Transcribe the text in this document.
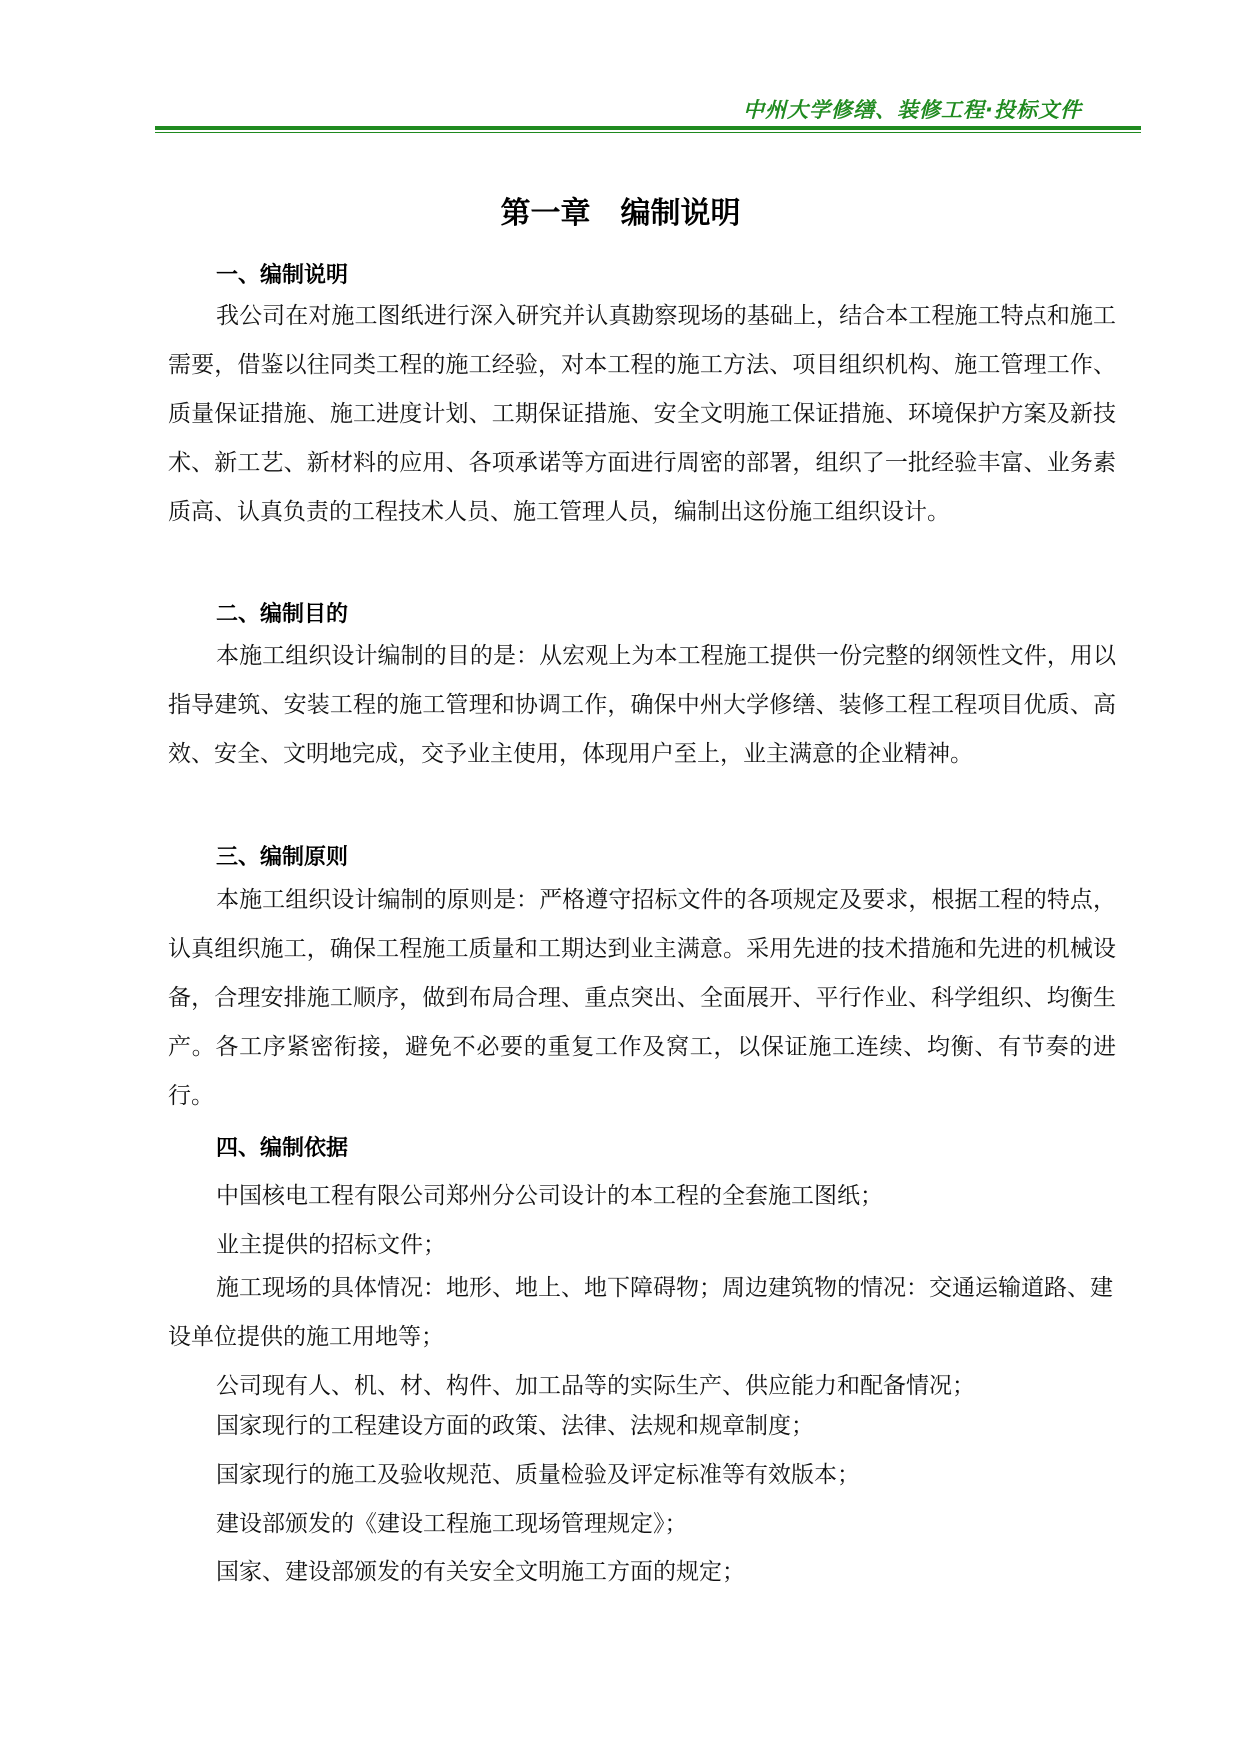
中州大学修缮、装修工程·投标文件
第一章　编制说明
一、编制说明

我公司在对施工图纸进行深入研究并认真勘察现场的基础上，结合本工程施工特点和施工需要，借鉴以往同类工程的施工经验，对本工程的施工方法、项目组织机构、施工管理工作、质量保证措施、施工进度计划、工期保证措施、安全文明施工保证措施、环境保护方案及新技术、新工艺、新材料的应用、各项承诺等方面进行周密的部署，组织了一批经验丰富、业务素质高、认真负责的工程技术人员、施工管理人员，编制出这份施工组织设计。

二、编制目的

本施工组织设计编制的目的是：从宏观上为本工程施工提供一份完整的纲领性文件，用以指导建筑、安装工程的施工管理和协调工作，确保中州大学修缮、装修工程工程项目优质、高效、安全、文明地完成，交予业主使用，体现用户至上，业主满意的企业精神。

三、编制原则

本施工组织设计编制的原则是：严格遵守招标文件的各项规定及要求，根据工程的特点，认真组织施工，确保工程施工质量和工期达到业主满意。采用先进的技术措施和先进的机械设备，合理安排施工顺序，做到布局合理、重点突出、全面展开、平行作业、科学组织、均衡生产。各工序紧密衔接，避免不必要的重复工作及窝工，以保证施工连续、均衡、有节奏的进行。

四、编制依据
中国核电工程有限公司郑州分公司设计的本工程的全套施工图纸；
业主提供的招标文件；

施工现场的具体情况：地形、地上、地下障碍物；周边建筑物的情况：交通运输道路、建设单位提供的施工用地等；

公司现有人、机、材、构件、加工品等的实际生产、供应能力和配备情况；
国家现行的工程建设方面的政策、法律、法规和规章制度；
国家现行的施工及验收规范、质量检验及评定标准等有效版本；
建设部颁发的《建设工程施工现场管理规定》；
国家、建设部颁发的有关安全文明施工方面的规定；
